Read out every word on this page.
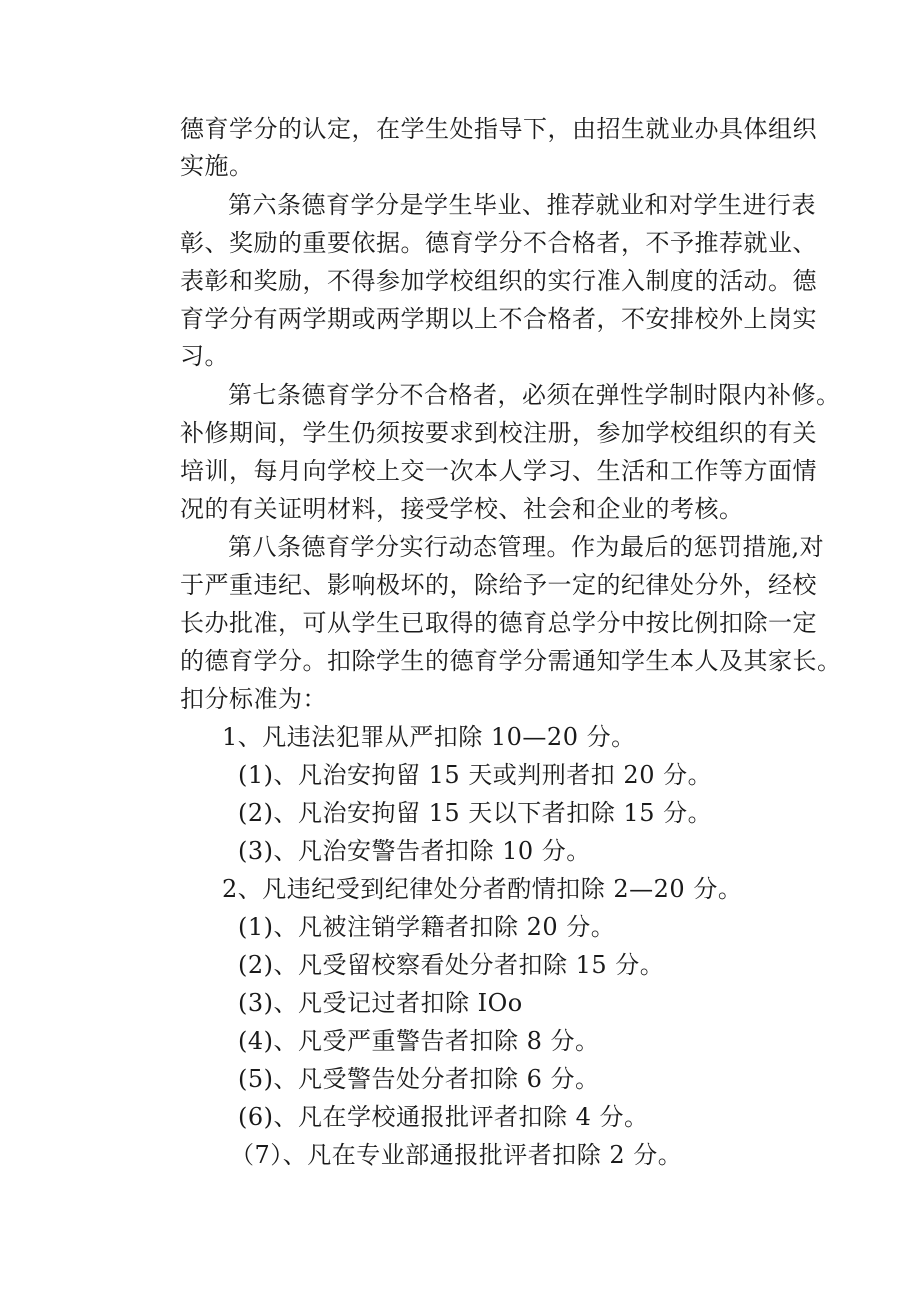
德育学分的认定，在学生处指导下，由招生就业办具体组织
实施。
第六条德育学分是学生毕业、推荐就业和对学生进行表
彰、奖励的重要依据。德育学分不合格者，不予推荐就业、
表彰和奖励，不得参加学校组织的实行准入制度的活动。德
育学分有两学期或两学期以上不合格者，不安排校外上岗实
习。
第七条德育学分不合格者，必须在弹性学制时限内补修。
补修期间，学生仍须按要求到校注册，参加学校组织的有关
培训，每月向学校上交一次本人学习、生活和工作等方面情
况的有关证明材料，接受学校、社会和企业的考核。
第八条德育学分实行动态管理。作为最后的惩罚措施,对
于严重违纪、影响极坏的，除给予一定的纪律处分外，经校
长办批准，可从学生已取得的德育总学分中按比例扣除一定
的德育学分。扣除学生的德育学分需通知学生本人及其家长。
扣分标准为：
1、凡违法犯罪从严扣除 10—20 分。
(1)、凡治安拘留 15 天或判刑者扣 20 分。
(2)、凡治安拘留 15 天以下者扣除 15 分。
(3)、凡治安警告者扣除 10 分。
2、凡违纪受到纪律处分者酌情扣除 2—20 分。
(1)、凡被注销学籍者扣除 20 分。
(2)、凡受留校察看处分者扣除 15 分。
(3)、凡受记过者扣除 IOo
(4)、凡受严重警告者扣除 8 分。
(5)、凡受警告处分者扣除 6 分。
(6)、凡在学校通报批评者扣除 4 分。
（7）、凡在专业部通报批评者扣除 2 分。
